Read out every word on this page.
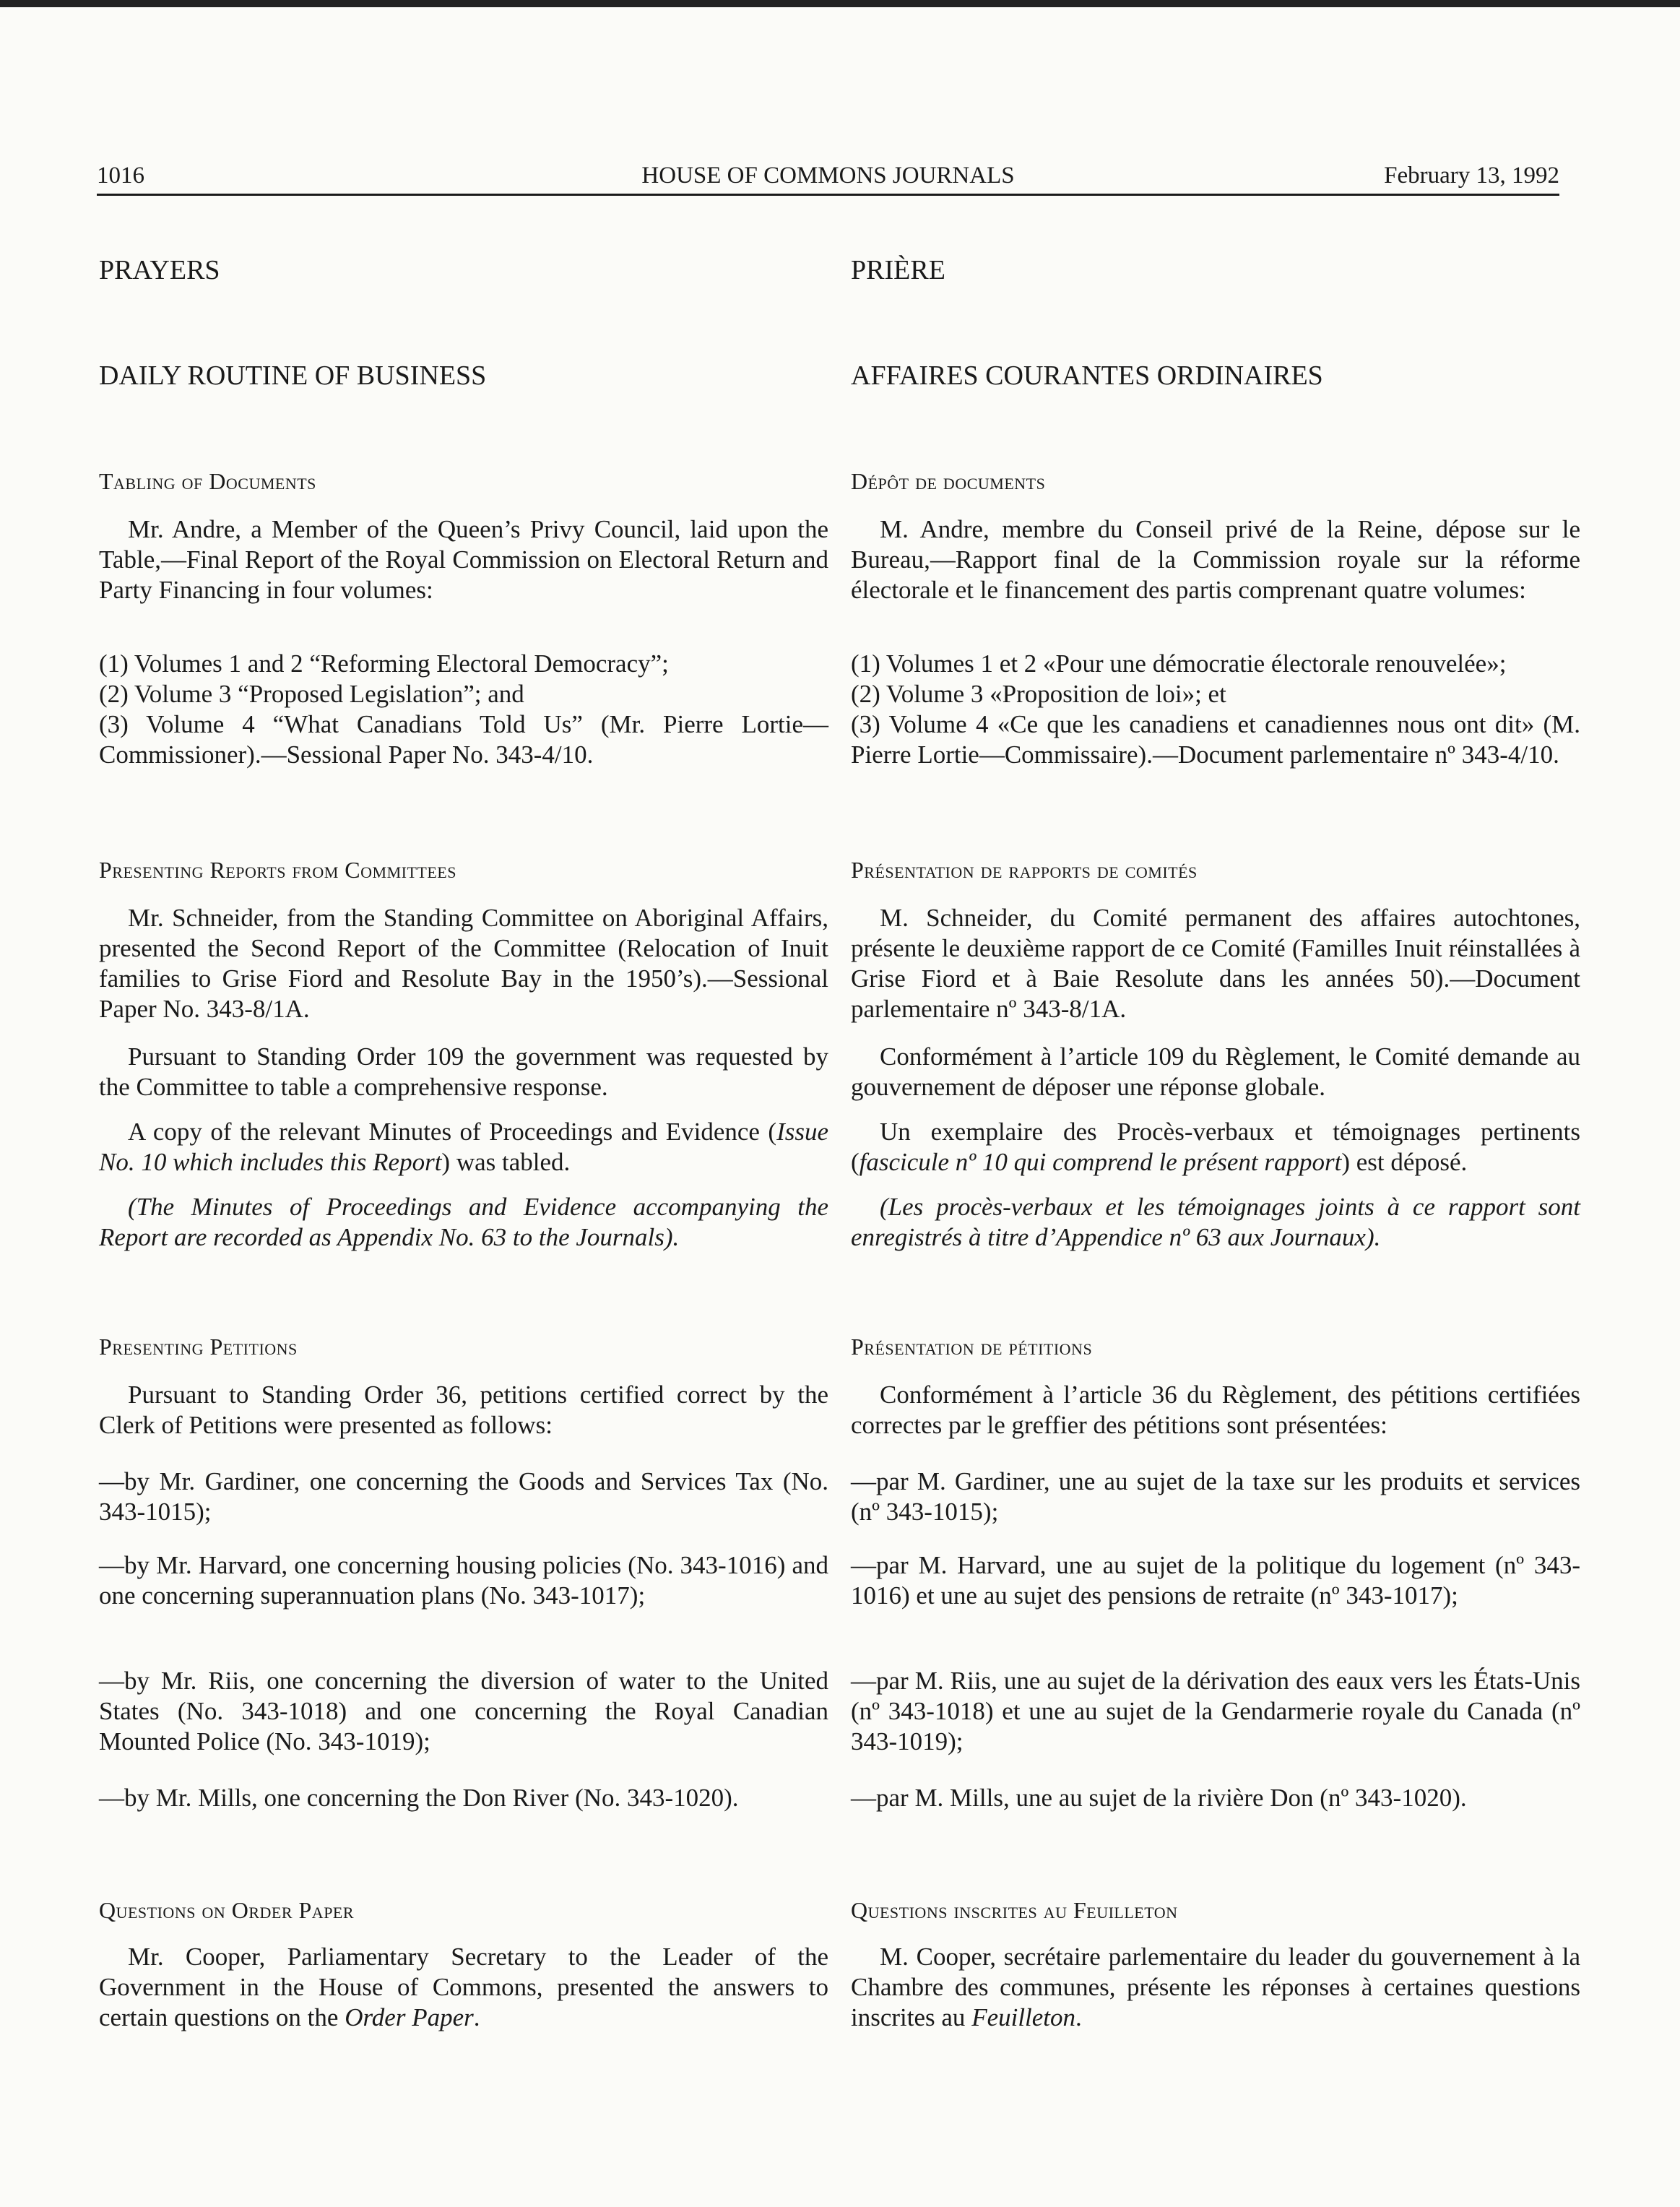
1016	HOUSE OF COMMONS JOURNALS	February 13, 1992
PRAYERS
DAILY ROUTINE OF BUSINESS
Tabling of Documents
Mr. Andre, a Member of the Queen’s Privy Council, laid upon the Table,—Final Report of the Royal Commission on Electoral Return and Party Financing in four volumes:
(1) Volumes 1 and 2 “Reforming Electoral Democracy”;
(2) Volume 3 “Proposed Legislation”; and
(3) Volume 4 “What Canadians Told Us” (Mr. Pierre Lortie—Commissioner).—Sessional Paper No. 343-4/10.
Presenting Reports from Committees
Mr. Schneider, from the Standing Committee on Aboriginal Affairs, presented the Second Report of the Committee (Relocation of Inuit families to Grise Fiord and Resolute Bay in the 1950’s).—Sessional Paper No. 343-8/1A.
Pursuant to Standing Order 109 the government was requested by the Committee to table a comprehensive response.
A copy of the relevant Minutes of Proceedings and Evidence (Issue No. 10 which includes this Report) was tabled.
(The Minutes of Proceedings and Evidence accompanying the Report are recorded as Appendix No. 63 to the Journals).
Presenting Petitions
Pursuant to Standing Order 36, petitions certified correct by the Clerk of Petitions were presented as follows:
—by Mr. Gardiner, one concerning the Goods and Services Tax (No. 343-1015);
—by Mr. Harvard, one concerning housing policies (No. 343-1016) and one concerning superannuation plans (No. 343-1017);
—by Mr. Riis, one concerning the diversion of water to the United States (No. 343-1018) and one concerning the Royal Canadian Mounted Police (No. 343-1019);
—by Mr. Mills, one concerning the Don River (No. 343-1020).
Questions on Order Paper
Mr. Cooper, Parliamentary Secretary to the Leader of the Government in the House of Commons, presented the answers to certain questions on the Order Paper.
PRIÈRE
AFFAIRES COURANTES ORDINAIRES
Dépôt de documents
M. Andre, membre du Conseil privé de la Reine, dépose sur le Bureau,—Rapport final de la Commission royale sur la réforme électorale et le financement des partis comprenant quatre volumes:
(1) Volumes 1 et 2 «Pour une démocratie électorale renouvelée»;
(2) Volume 3 «Proposition de loi»; et
(3) Volume 4 «Ce que les canadiens et canadiennes nous ont dit» (M. Pierre Lortie—Commissaire).—Document parlementaire nº 343-4/10.
Présentation de rapports de comités
M. Schneider, du Comité permanent des affaires autochtones, présente le deuxième rapport de ce Comité (Familles Inuit réinstallées à Grise Fiord et à Baie Resolute dans les années 50).—Document parlementaire nº 343-8/1A.
Conformément à l’article 109 du Règlement, le Comité demande au gouvernement de déposer une réponse globale.
Un exemplaire des Procès-verbaux et témoignages pertinents (fascicule nº 10 qui comprend le présent rapport) est déposé.
(Les procès-verbaux et les témoignages joints à ce rapport sont enregistrés à titre d’Appendice nº 63 aux Journaux).
Présentation de pétitions
Conformément à l’article 36 du Règlement, des pétitions certifiées correctes par le greffier des pétitions sont présentées:
—par M. Gardiner, une au sujet de la taxe sur les produits et services (nº 343-1015);
—par M. Harvard, une au sujet de la politique du logement (nº 343-1016) et une au sujet des pensions de retraite (nº 343-1017);
—par M. Riis, une au sujet de la dérivation des eaux vers les États-Unis (nº 343-1018) et une au sujet de la Gendarmerie royale du Canada (nº 343-1019);
—par M. Mills, une au sujet de la rivière Don (nº 343-1020).
Questions inscrites au Feuilleton
M. Cooper, secrétaire parlementaire du leader du gouvernement à la Chambre des communes, présente les réponses à certaines questions inscrites au Feuilleton.
